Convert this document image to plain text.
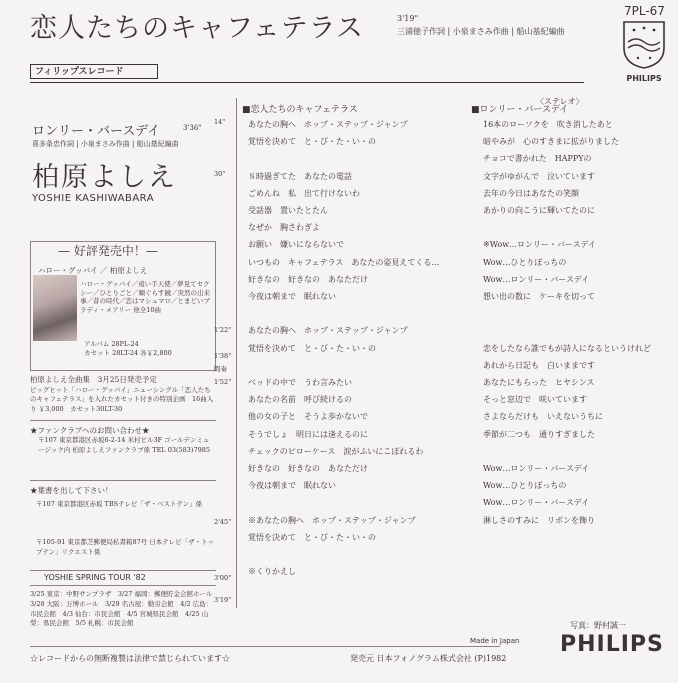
恋人たちのキャフェテラス	3'19"
三浦徳子作詞 | 小泉まさみ作曲 | 船山基紀編曲
7PL-67
PHILIPS
フィリップスレコード
〈ステレオ〉
ロンリー・バースデイ	3'36"
喜多条忠作詞 | 小泉まさみ作曲 | 船山基紀編曲
柏原よしえ
YOSHIE KASHIWABARA
— 好評発売中！—
ハロー・グッバイ ／ 柏原よしえ
ハロー・グッバイ／遠い手天使／夢見てセクシー／ひとりごと／順ぐらす鏡／突然の出来事／昔の時代／恋はマシュマロ／とまどいブラディ・メアリー 他全10曲
アルバム 28PL-24
カセット 28LT-24 各￥2,800
柏原よしえ全曲集　3月25日発売予定
ピッグヒット「ハロー・グッバイ」ニューシングル「恋人たちのキャフェテラス」を入れたカセット付きの特別企画　16曲入り ￥3,000　カセット30LT-30
★ファンクラブへのお問い合わせ★
〒107 東京都港区赤坂6-2-14 米村ビル3F ゴールデンミュージック内 柏原よしえファンクラブ係 TEL 03(583)7985
★葉書を出して下さい！
〒107 東京都港区赤坂 TBSテレビ「ザ・ベストテン」係
〒105-91 東京都芝郵便局私書箱87号 日本テレビ「ザ・トップテン」リクエスト係
YOSHIE SPRING TOUR '82
3/25 東京：中野サンプラザ　3/27 福岡：郵便貯金会館ホール　3/28 大阪：万博ホール　3/29 名古屋：勤労会館　4/2 広島：市民会館　4/3 仙台：市民会館　4/5 宮城県民会館　4/25 山梨：県民会館　5/5 札幌：市民会館
■恋人たちのキャフェテラス
あなたの胸へ　ホップ・ステップ・ジャンプ
覚悟を決めて　と・び・た・い・の

８時過ぎてた　あなたの電話
ごめんね　私　出て行けないわ
受話器　置いたとたん
なぜか　胸さわぎよ
お願い　嫌いにならないで
いつもの　キャフェテラス　あなたの姿見えてくる…
好きなの　好きなの　あなただけ
今夜は朝まで　眠れない

あなたの胸へ　ホップ・ステップ・ジャンプ
覚悟を決めて　と・び・た・い・の

ベッドの中で　うわ言みたい
あなたの名前　呼び続けるの
他の女の子と　そうよ歩かないで
そうでしょ　明日には逢えるのに
チェックのピローケース　涙がふいにこぼれるわ
好きなの　好きなの　あなただけ
今夜は朝まで　眠れない

※あなたの胸へ　ホップ・ステップ・ジャンプ
覚悟を決めて　と・び・た・い・の

※くりかえし
14"
30"
1'22"
1'38"
間奏
1'52"
2'45"
3'00"
3'19"
■ロンリー・バースデイ
16本のローソクを　吹き消したあと
暗やみが　心のすきまに拡がりました
チョコで書かれた　HAPPYの
文字がゆがんで　泣いています
去年の今日はあなたの笑顔
あかりの向こうに輝いてたのに

※Wow…ロンリー・バースデイ
Wow…ひとりぼっちの
Wow…ロンリー・バースデイ
想い出の数に　ケーキを切って

恋をしたなら誰でもが詩人になるというけれど
あれから日記も　白いままです
あなたにもらった　ヒヤシンス
そっと窓辺で　咲いています
さよならだけも　いえないうちに
季節が二つも　通りすぎました

Wow…ロンリー・バースデイ
Wow…ひとりぼっちの
Wow…ロンリー・バースデイ
淋しさのすみに　リボンを飾り
☆レコードからの無断複製は法律で禁じられています☆
写真：野村誠一
Made in Japan
発売元 日本フォノグラム株式会社 (P)1982
PHILIPS
